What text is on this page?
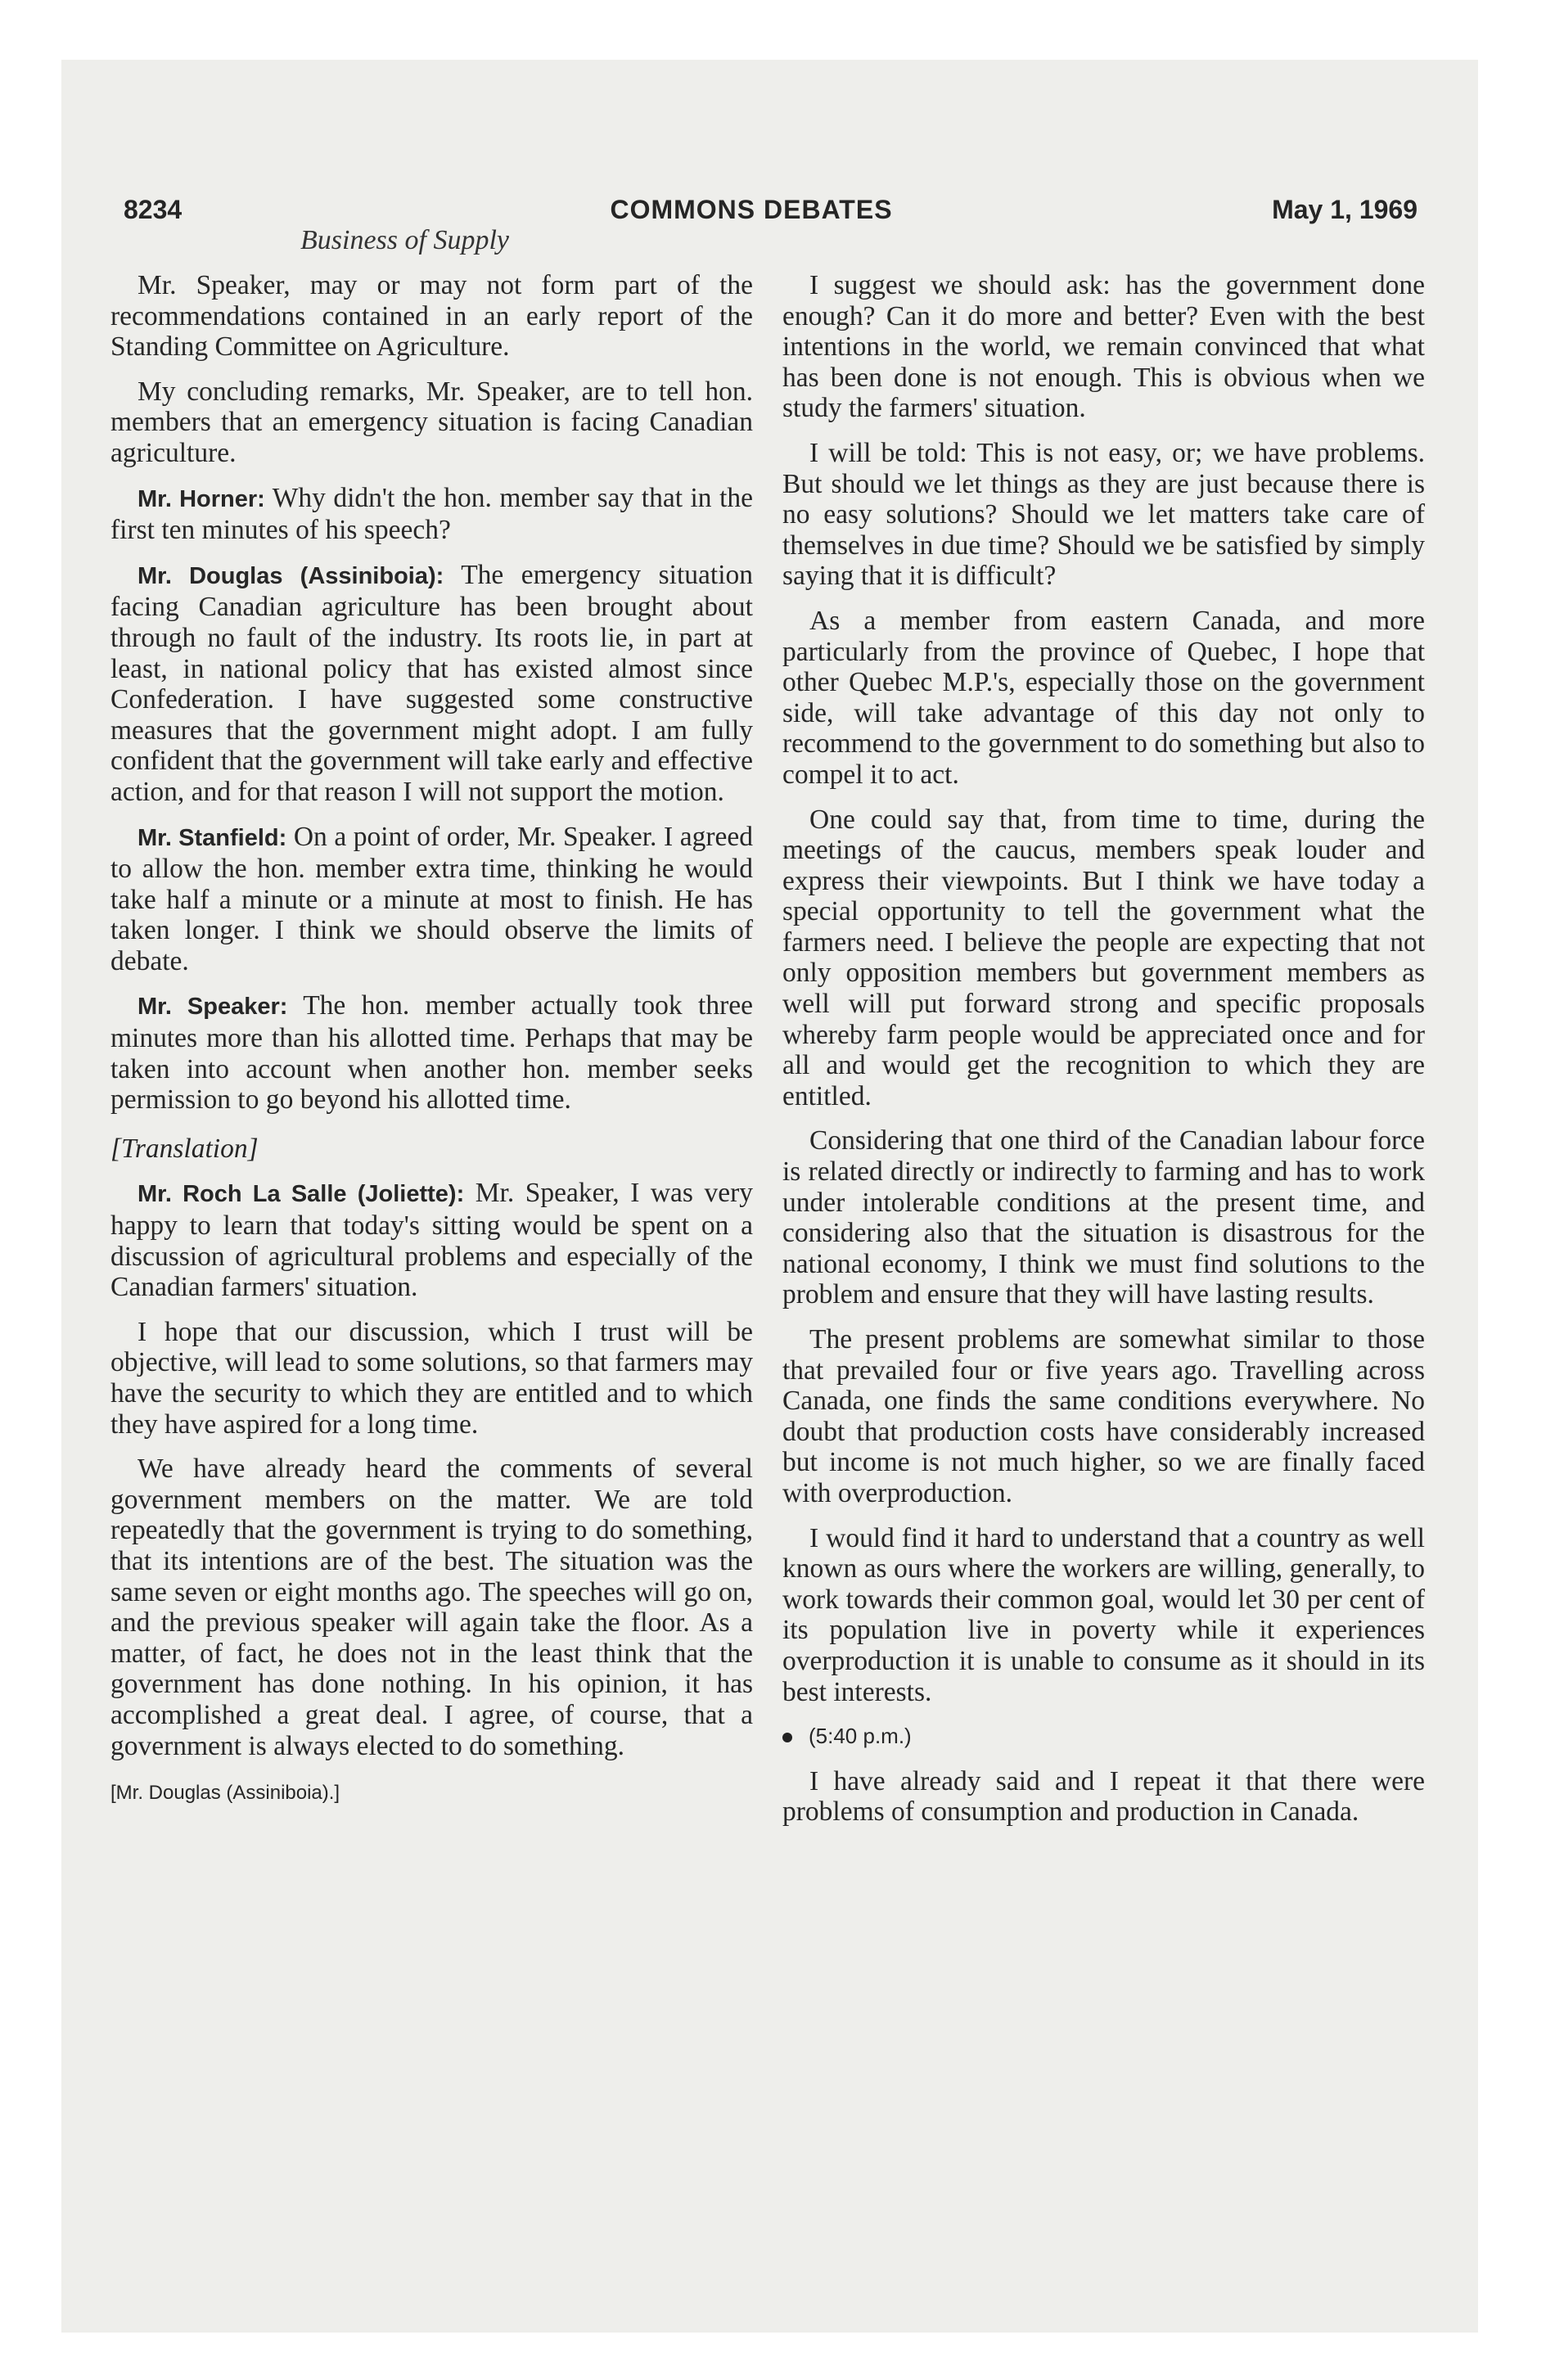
8234	COMMONS DEBATES	May 1, 1969
Business of Supply

Mr. Speaker, may or may not form part of the recommendations contained in an early report of the Standing Committee on Agriculture.

My concluding remarks, Mr. Speaker, are to tell hon. members that an emergency situation is facing Canadian agriculture.

Mr. Horner: Why didn't the hon. member say that in the first ten minutes of his speech?

Mr. Douglas (Assiniboia): The emergency situation facing Canadian agriculture has been brought about through no fault of the industry. Its roots lie, in part at least, in national policy that has existed almost since Confederation. I have suggested some constructive measures that the government might adopt. I am fully confident that the government will take early and effective action, and for that reason I will not support the motion.

Mr. Stanfield: On a point of order, Mr. Speaker. I agreed to allow the hon. member extra time, thinking he would take half a minute or a minute at most to finish. He has taken longer. I think we should observe the limits of debate.

Mr. Speaker: The hon. member actually took three minutes more than his allotted time. Perhaps that may be taken into account when another hon. member seeks permission to go beyond his allotted time.

[Translation]

Mr. Roch La Salle (Joliette): Mr. Speaker, I was very happy to learn that today's sitting would be spent on a discussion of agricultural problems and especially of the Canadian farmers' situation.

I hope that our discussion, which I trust will be objective, will lead to some solutions, so that farmers may have the security to which they are entitled and to which they have aspired for a long time.

We have already heard the comments of several government members on the matter. We are told repeatedly that the government is trying to do something, that its intentions are of the best. The situation was the same seven or eight months ago. The speeches will go on, and the previous speaker will again take the floor. As a matter, of fact, he does not in the least think that the government has done nothing. In his opinion, it has accomplished a great deal. I agree, of course, that a government is always elected to do something.

[Mr. Douglas (Assiniboia).]

I suggest we should ask: has the government done enough? Can it do more and better? Even with the best intentions in the world, we remain convinced that what has been done is not enough. This is obvious when we study the farmers' situation.

I will be told: This is not easy, or; we have problems. But should we let things as they are just because there is no easy solutions? Should we let matters take care of themselves in due time? Should we be satisfied by simply saying that it is difficult?

As a member from eastern Canada, and more particularly from the province of Quebec, I hope that other Quebec M.P.'s, especially those on the government side, will take advantage of this day not only to recommend to the government to do something but also to compel it to act.

One could say that, from time to time, during the meetings of the caucus, members speak louder and express their viewpoints. But I think we have today a special opportunity to tell the government what the farmers need. I believe the people are expecting that not only opposition members but government members as well will put forward strong and specific proposals whereby farm people would be appreciated once and for all and would get the recognition to which they are entitled.

Considering that one third of the Canadian labour force is related directly or indirectly to farming and has to work under intolerable conditions at the present time, and considering also that the situation is disastrous for the national economy, I think we must find solutions to the problem and ensure that they will have lasting results.

The present problems are somewhat similar to those that prevailed four or five years ago. Travelling across Canada, one finds the same conditions everywhere. No doubt that production costs have considerably increased but income is not much higher, so we are finally faced with overproduction.

I would find it hard to understand that a country as well known as ours where the workers are willing, generally, to work towards their common goal, would let 30 per cent of its population live in poverty while it experiences overproduction it is unable to consume as it should in its best interests.

(5:40 p.m.)

I have already said and I repeat it that there were problems of consumption and production in Canada.
